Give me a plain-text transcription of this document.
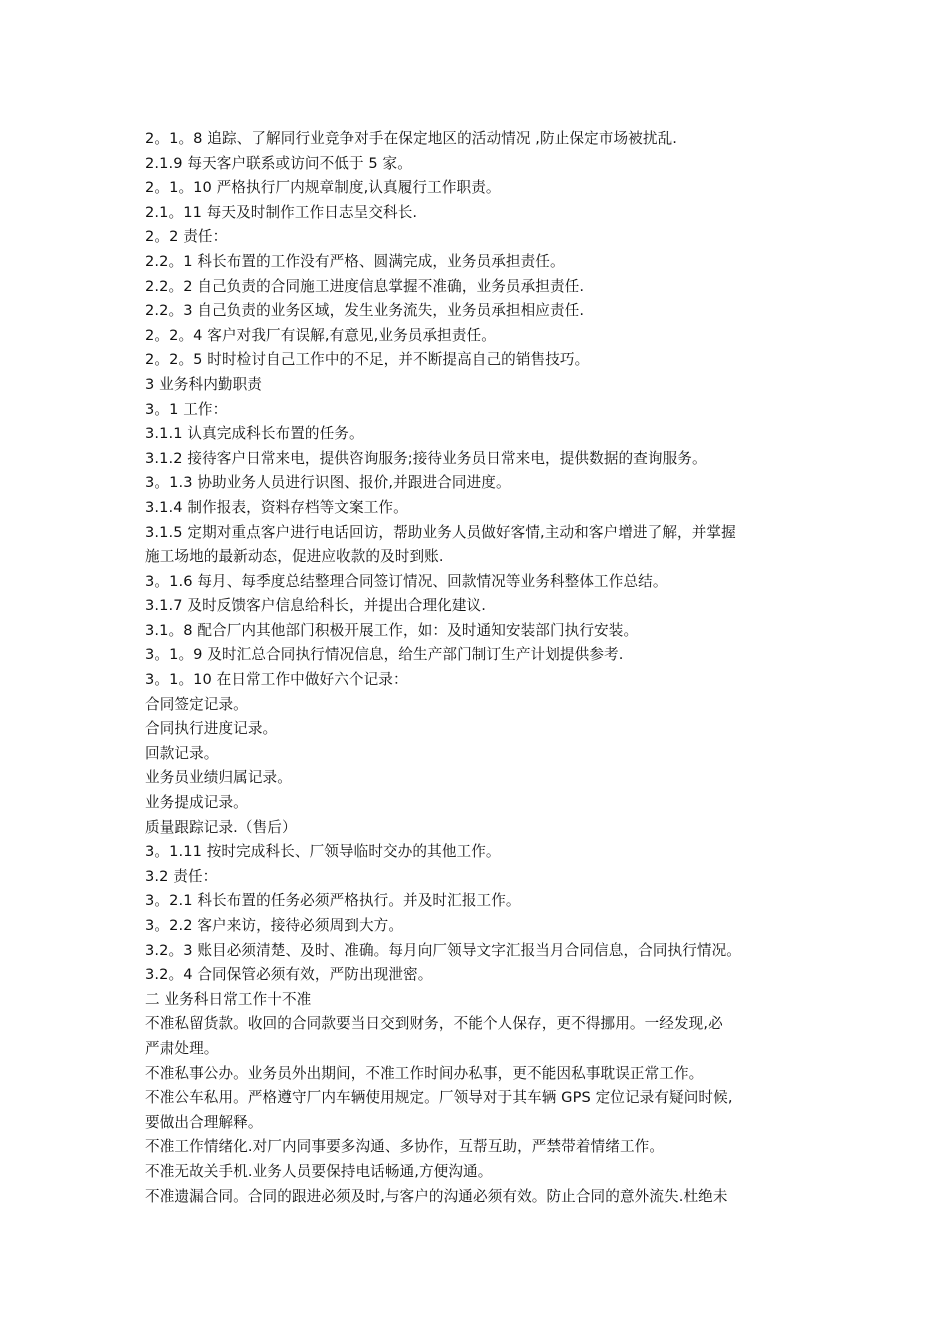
2。1。8 追踪、了解同行业竞争对手在保定地区的活动情况 ,防止保定市场被扰乱.
2.1.9 每天客户联系或访问不低于 5 家。
2。1。10 严格执行厂内规章制度,认真履行工作职责。
2.1。11 每天及时制作工作日志呈交科长.
2。2 责任：
2.2。1 科长布置的工作没有严格、圆满完成，业务员承担责任。
2.2。2 自己负责的合同施工进度信息掌握不准确，业务员承担责任.
2.2。3 自己负责的业务区域，发生业务流失，业务员承担相应责任.
2。2。4 客户对我厂有误解,有意见,业务员承担责任。
2。2。5 时时检讨自己工作中的不足，并不断提高自己的销售技巧。
3 业务科内勤职责
3。1 工作：
3.1.1 认真完成科长布置的任务。
3.1.2 接待客户日常来电，提供咨询服务;接待业务员日常来电，提供数据的查询服务。
3。1.3 协助业务人员进行识图、报价,并跟进合同进度。
3.1.4 制作报表，资料存档等文案工作。
3.1.5 定期对重点客户进行电话回访，帮助业务人员做好客情,主动和客户增进了解，并掌握
施工场地的最新动态，促进应收款的及时到账.
3。1.6 每月、每季度总结整理合同签订情况、回款情况等业务科整体工作总结。
3.1.7 及时反馈客户信息给科长，并提出合理化建议.
3.1。8 配合厂内其他部门积极开展工作，如：及时通知安装部门执行安装。
3。1。9 及时汇总合同执行情况信息，给生产部门制订生产计划提供参考.
3。1。10 在日常工作中做好六个记录：
合同签定记录。
合同执行进度记录。
回款记录。
业务员业绩归属记录。
业务提成记录。
质量跟踪记录.（售后）
3。1.11 按时完成科长、厂领导临时交办的其他工作。
3.2 责任：
3。2.1 科长布置的任务必须严格执行。并及时汇报工作。
3。2.2 客户来访，接待必须周到大方。
3.2。3 账目必须清楚、及时、准确。每月向厂领导文字汇报当月合同信息，合同执行情况。
3.2。4 合同保管必须有效，严防出现泄密。
二 业务科日常工作十不准
不准私留货款。收回的合同款要当日交到财务，不能个人保存，更不得挪用。一经发现,必
严肃处理。
不准私事公办。业务员外出期间，不准工作时间办私事，更不能因私事耽误正常工作。
不准公车私用。严格遵守厂内车辆使用规定。厂领导对于其车辆 GPS 定位记录有疑问时候,
要做出合理解释。
不准工作情绪化.对厂内同事要多沟通、多协作，互帮互助，严禁带着情绪工作。
不准无故关手机.业务人员要保持电话畅通,方便沟通。
不准遗漏合同。合同的跟进必须及时,与客户的沟通必须有效。防止合同的意外流失.杜绝未
